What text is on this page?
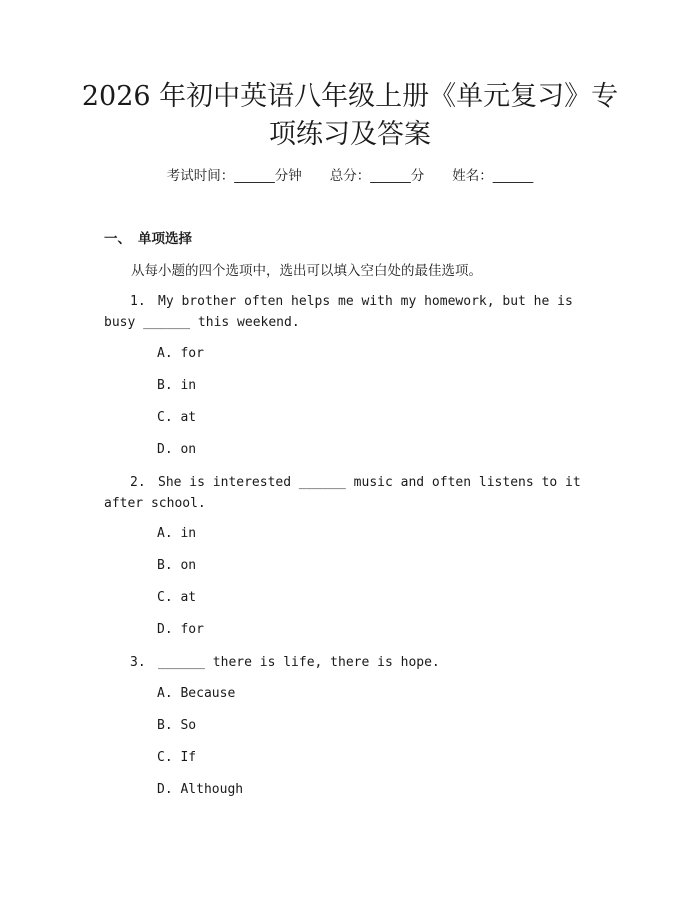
2026 年初中英语八年级上册《单元复习》专
项练习及答案
考试时间：______分钟 总分：______分 姓名：______
一、 单项选择
从每小题的四个选项中，选出可以填入空白处的最佳选项。
1. My brother often helps me with my homework, but he is busy ______ this weekend.
A. for
B. in
C. at
D. on
2. She is interested ______ music and often listens to it after school.
A. in
B. on
C. at
D. for
3. ______ there is life, there is hope.
A. Because
B. So
C. If
D. Although
